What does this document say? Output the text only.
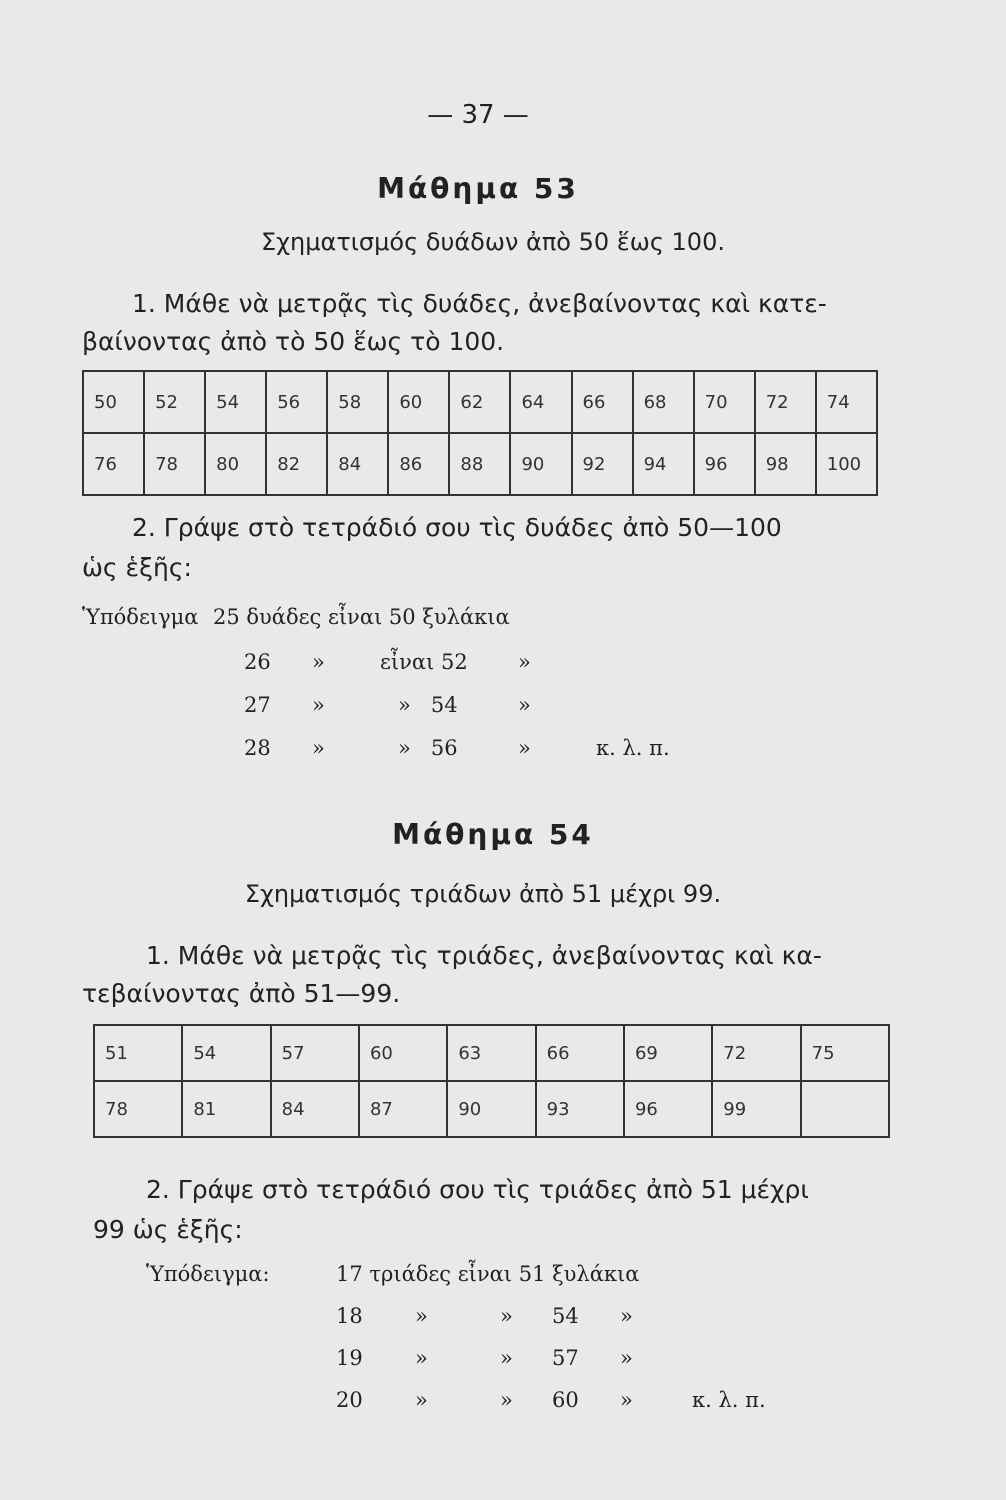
— 37 —
Μάθημα 53
Σχηματισμός δυάδων ἀπὸ 50 ἕως 100.
1. Μάθε νὰ μετρᾷς τὶς δυάδες, ἀνεβαίνοντας καὶ κατε-
βαίνοντας ἀπὸ τὸ 50 ἕως τὸ 100.
50	52	54	56	58	60	62	64	66	68	70	72	74
76	78	80	82	84	86	88	90	92	94	96	98	100
2. Γράψε στὸ τετράδιό σου τὶς δυάδες ἀπὸ 50—100
ὡς ἑξῆς:
Ὑπόδειγμα 25 δυάδες εἶναι 50 ξυλάκια
26 »	εἶναι 52 »
27 »	»   54	»
28 »	»   56	»	κ. λ. π.
Μάθημα 54
Σχηματισμός τριάδων ἀπὸ 51 μέχρι 99.
1. Μάθε νὰ μετρᾷς τὶς τριάδες, ἀνεβαίνοντας καὶ κα-
τεβαίνοντας ἀπὸ 51—99.
51	54	57	60	63	66	69	72	75
78	81	84	87	90	93	96	99	
2. Γράψε στὸ τετράδιό σου τὶς τριάδες ἀπὸ 51 μέχρι
99 ὡς ἑξῆς:
Ὑπόδειγμα:	17 τριάδες εἶναι 51 ξυλάκια
18 »	» 54 »
19 »	» 57 »
20 »	» 60 »	κ. λ. π.
